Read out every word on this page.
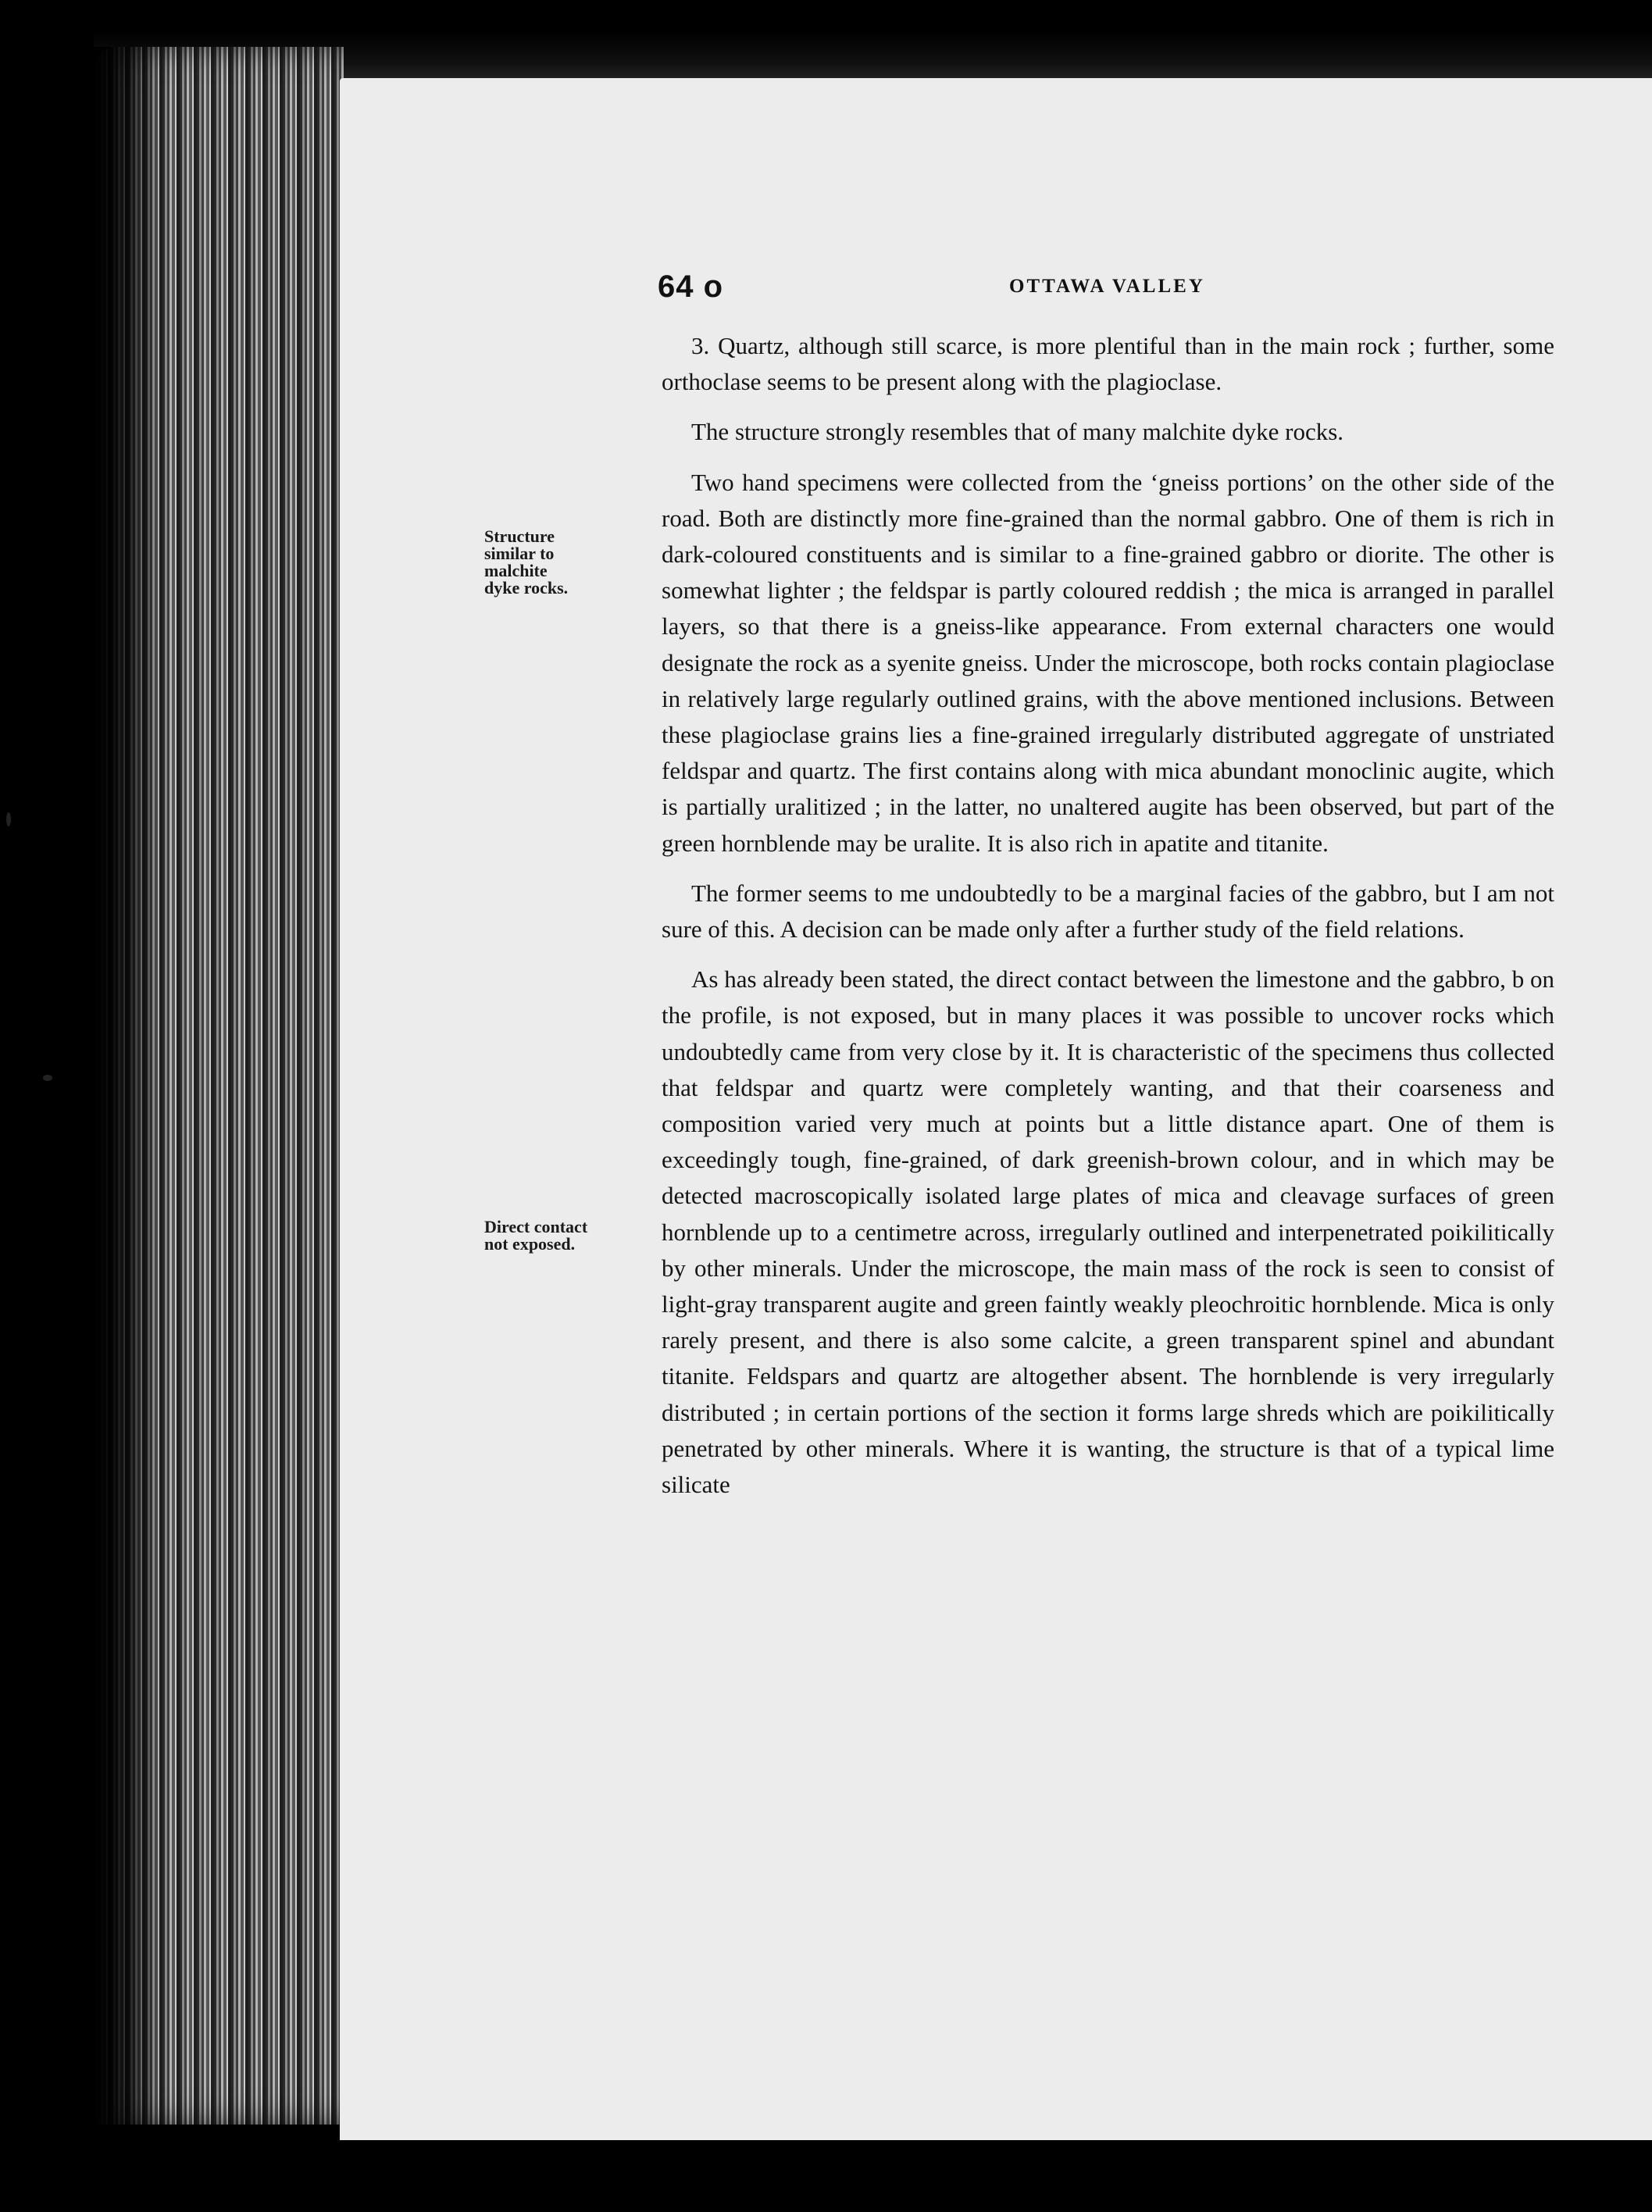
64 o	OTTAWA VALLEY
Structure
similar to
malchite
dyke rocks.
Direct contact
not exposed.

3. Quartz, although still scarce, is more plentiful than in the main rock ; further, some orthoclase seems to be present along with the plagioclase.

The structure strongly resembles that of many malchite dyke rocks.

Two hand specimens were collected from the ‘gneiss portions’ on the other side of the road. Both are distinctly more fine-grained than the normal gabbro. One of them is rich in dark-coloured constituents and is similar to a fine-grained gabbro or diorite. The other is somewhat lighter ; the feldspar is partly coloured reddish ; the mica is arranged in parallel layers, so that there is a gneiss-like appearance. From external characters one would designate the rock as a syenite gneiss. Under the microscope, both rocks contain plagioclase in relatively large regularly outlined grains, with the above mentioned inclusions. Between these plagioclase grains lies a fine-grained irregularly distributed aggregate of unstriated feldspar and quartz. The first contains along with mica abundant monoclinic augite, which is partially uralitized ; in the latter, no unaltered augite has been observed, but part of the green hornblende may be uralite. It is also rich in apatite and titanite.

The former seems to me undoubtedly to be a marginal facies of the gabbro, but I am not sure of this. A decision can be made only after a further study of the field relations.

As has already been stated, the direct contact between the limestone and the gabbro, b on the profile, is not exposed, but in many places it was possible to uncover rocks which undoubtedly came from very close by it. It is characteristic of the specimens thus collected that feldspar and quartz were completely wanting, and that their coarseness and composition varied very much at points but a little distance apart. One of them is exceedingly tough, fine-grained, of dark greenish-brown colour, and in which may be detected macroscopically isolated large plates of mica and cleavage surfaces of green hornblende up to a centimetre across, irregularly outlined and interpenetrated poikilitically by other minerals. Under the microscope, the main mass of the rock is seen to consist of light-gray transparent augite and green faintly weakly pleochroitic hornblende. Mica is only rarely present, and there is also some calcite, a green transparent spinel and abundant titanite. Feldspars and quartz are altogether absent. The hornblende is very irregularly distributed ; in certain portions of the section it forms large shreds which are poikilitically penetrated by other minerals. Where it is wanting, the structure is that of a typical lime silicate
